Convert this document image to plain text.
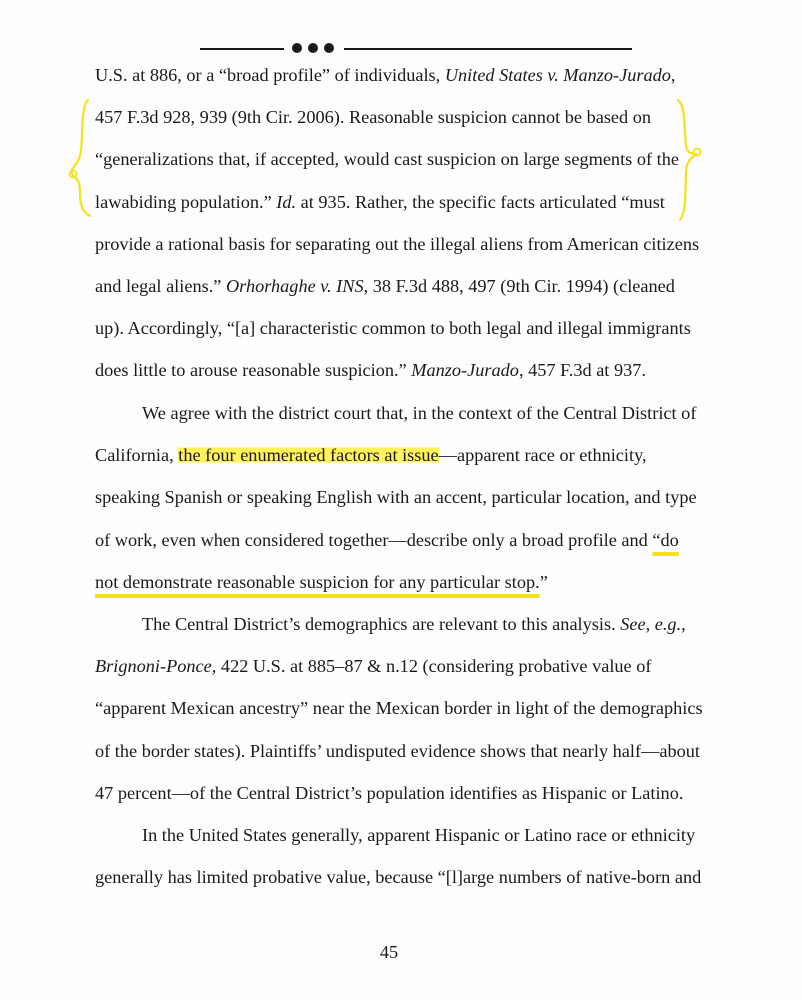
U.S. at 886, or a “broad profile” of individuals, United States v. Manzo-Jurado,
457 F.3d 928, 939 (9th Cir. 2006). Reasonable suspicion cannot be based on
“generalizations that, if accepted, would cast suspicion on large segments of the
lawabiding population.” Id. at 935. Rather, the specific facts articulated “must
provide a rational basis for separating out the illegal aliens from American citizens
and legal aliens.” Orhorhaghe v. INS, 38 F.3d 488, 497 (9th Cir. 1994) (cleaned
up). Accordingly, “[a] characteristic common to both legal and illegal immigrants
does little to arouse reasonable suspicion.” Manzo-Jurado, 457 F.3d at 937.
We agree with the district court that, in the context of the Central District of
California, the four enumerated factors at issue—apparent race or ethnicity,
speaking Spanish or speaking English with an accent, particular location, and type
of work, even when considered together—describe only a broad profile and “do
not demonstrate reasonable suspicion for any particular stop.”
The Central District’s demographics are relevant to this analysis. See, e.g.,
Brignoni-Ponce, 422 U.S. at 885–87 & n.12 (considering probative value of
“apparent Mexican ancestry” near the Mexican border in light of the demographics
of the border states). Plaintiffs’ undisputed evidence shows that nearly half—about
47 percent—of the Central District’s population identifies as Hispanic or Latino.
In the United States generally, apparent Hispanic or Latino race or ethnicity
generally has limited probative value, because “[l]arge numbers of native-born and
45
